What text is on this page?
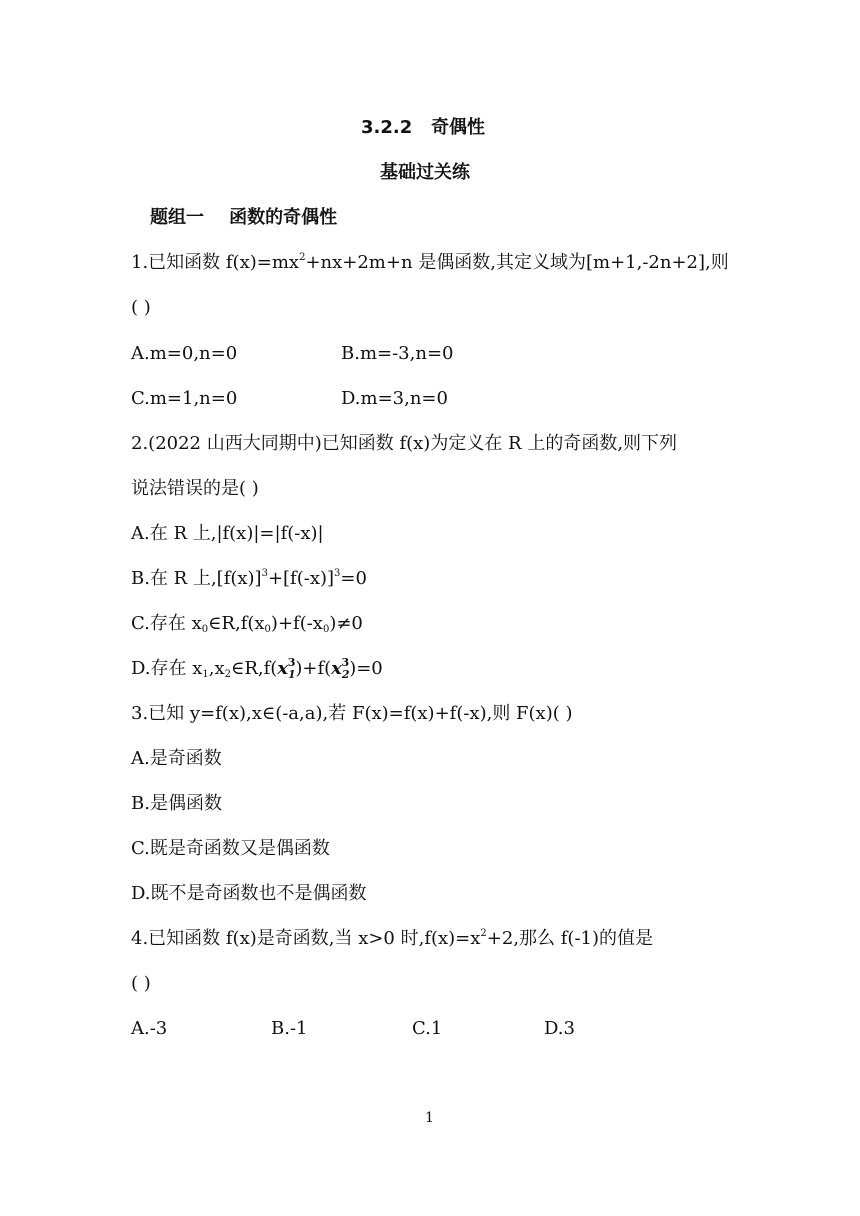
3.2.2 奇偶性
基础过关练
题组一 函数的奇偶性
1.已知函数 $f(x)=mx^2+nx+2m+n$ 是偶函数,其定义域为[m+1,-2n+2],则
( )
A.m=0,n=0	B.m=-3,n=0
C.m=1,n=0	D.m=3,n=0
2.(2022 山西大同期中)已知函数 f(x)为定义在 R 上的奇函数,则下列
说法错误的是( )
A.在 R 上,|f(x)|=|f(-x)|
B.在 R 上$,[f(x)]^3+[f(-x)]^3=0$
C.存在 $x_0\in R,f(x_0)+f(-x_0)\ne 0$
D.存在 $x_1,x_2\in R,f(x_1^3)+f(x_2^3)=0$
3.已知 y=f(x),x∈(-a,a),若 F(x)=f(x)+f(-x),则 F(x)( )
A.是奇函数
B.是偶函数
C.既是奇函数又是偶函数
D.既不是奇函数也不是偶函数
4.已知函数 f(x)是奇函数,当 x>0 时$,f(x)=x^2+2$,那么 f(-1)的值是
( )
A.-3	B.-1	C.1	D.3
1
